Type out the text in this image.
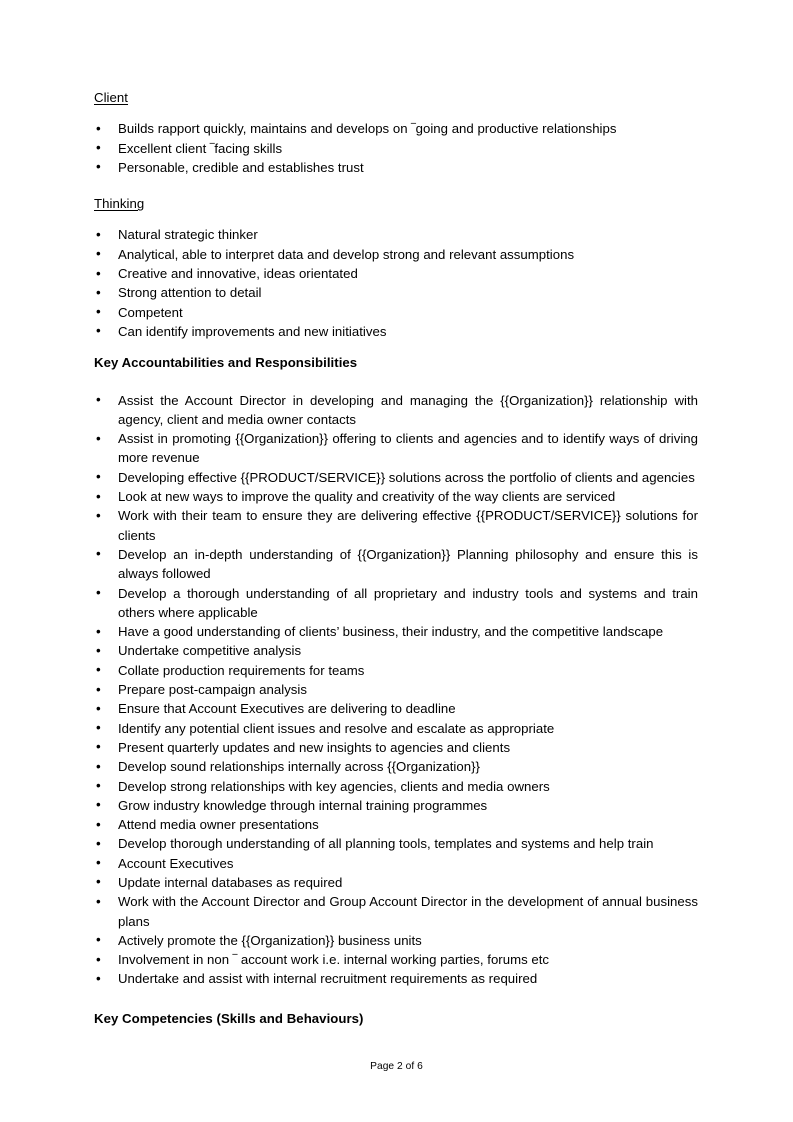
Client
• Builds rapport quickly, maintains and develops on ‾going and productive relationships
• Excellent client ‾facing skills
• Personable, credible and establishes trust
Thinking
• Natural strategic thinker
• Analytical, able to interpret data and develop strong and relevant assumptions
• Creative and innovative, ideas orientated
• Strong attention to detail
• Competent
• Can identify improvements and new initiatives
Key Accountabilities and Responsibilities
• Assist the Account Director in developing and managing the {{Organization}} relationship with agency, client and media owner contacts
• Assist in promoting {{Organization}} offering to clients and agencies and to identify ways of driving more revenue
• Developing effective {{PRODUCT/SERVICE}} solutions across the portfolio of clients and agencies
• Look at new ways to improve the quality and creativity of the way clients are serviced
• Work with their team to ensure they are delivering effective {{PRODUCT/SERVICE}} solutions for clients
• Develop an in-depth understanding of {{Organization}} Planning philosophy and ensure this is always followed
• Develop a thorough understanding of all proprietary and industry tools and systems and train others where applicable
• Have a good understanding of clients’ business, their industry, and the competitive landscape
• Undertake competitive analysis
• Collate production requirements for teams
• Prepare post-campaign analysis
• Ensure that Account Executives are delivering to deadline
• Identify any potential client issues and resolve and escalate as appropriate
• Present quarterly updates and new insights to agencies and clients
• Develop sound relationships internally across {{Organization}}
• Develop strong relationships with key agencies, clients and media owners
• Grow industry knowledge through internal training programmes
• Attend media owner presentations
• Develop thorough understanding of all planning tools, templates and systems and help train
• Account Executives
• Update internal databases as required
• Work with the Account Director and Group Account Director in the development of annual business plans
• Actively promote the {{Organization}} business units
• Involvement in non ‾ account work i.e. internal working parties, forums etc
• Undertake and assist with internal recruitment requirements as required
Key Competencies (Skills and Behaviours)
Page 2 of 6
